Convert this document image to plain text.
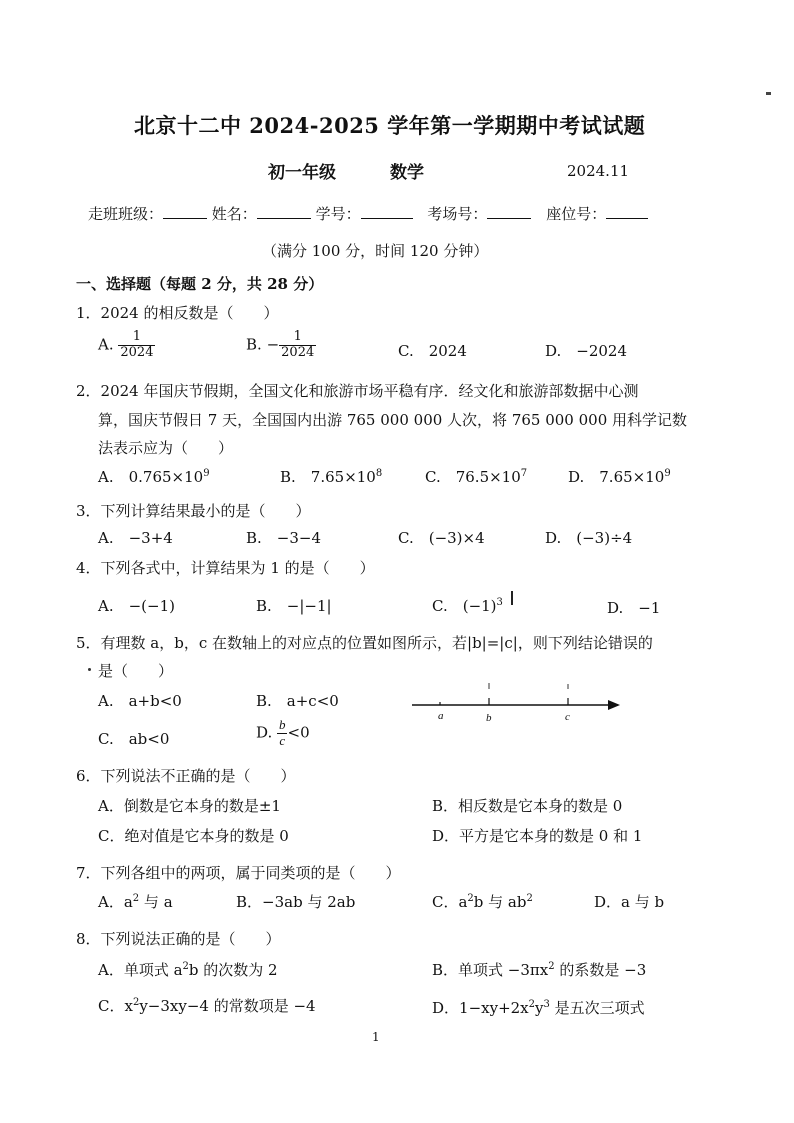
北京十二中 2024-2025 学年第一学期期中考试试题
初一年级	数学	2024.11
走班班级：	姓名：	学号：	考场号：	座位号：
（满分 100 分，时间 120 分钟）
一、选择题（每题 2 分，共 28 分）
1．2024 的相反数是（　　）
A. $\frac{1}{2024}$	B. − $\frac{1}{2024}$	C.　2024	D.　−2024
2．2024 年国庆节假期，全国文化和旅游市场平稳有序．经文化和旅游部数据中心测
算，国庆节假日 7 天，全国国内出游 765 000 000 人次，将 765 000 000 用科学记数
法表示应为（　　）
A.　$0.765\times 10^9$	B.　$7.65\times 10^8$	C.　$76.5\times 10^7$	D.　$7.65\times 10^9$
3．下列计算结果最小的是（　　）
A.　−3+4	B.　−3−4	C.　(−3)×4	D.　(−3)÷4
4．下列各式中，计算结果为 1 的是（　　）
A.　−(−1)	B.　−|−1|	C.　$(-1)^3$	D.　−1
5．有理数 a，b，c 在数轴上的对应点的位置如图所示，若|b|=|c|，则下列结论错误的
是（　　）
A.　a+b<0	B.　a+c<0
C.　ab<0	D. $\frac{b}{c} <0$
a	b	c
6．下列说法不正确的是（　　）
A．倒数是它本身的数是±1	B．相反数是它本身的数是 0
C．绝对值是它本身的数是 0	D．平方是它本身的数是 0 和 1
7．下列各组中的两项，属于同类项的是（　　）
A．$a^2$ 与 a	B．−3ab 与 2ab	C．$a^2b$ 与 $ab^2$	D．a 与 b
8．下列说法正确的是（　　）
A．单项式 $a^2b$ 的次数为 2	B．单项式 $-3\pi x^2$ 的系数是 −3
C．$x^2y-3xy-4$ 的常数项是 −4	D．$1-xy+2x^2y^3$ 是五次三项式
1
